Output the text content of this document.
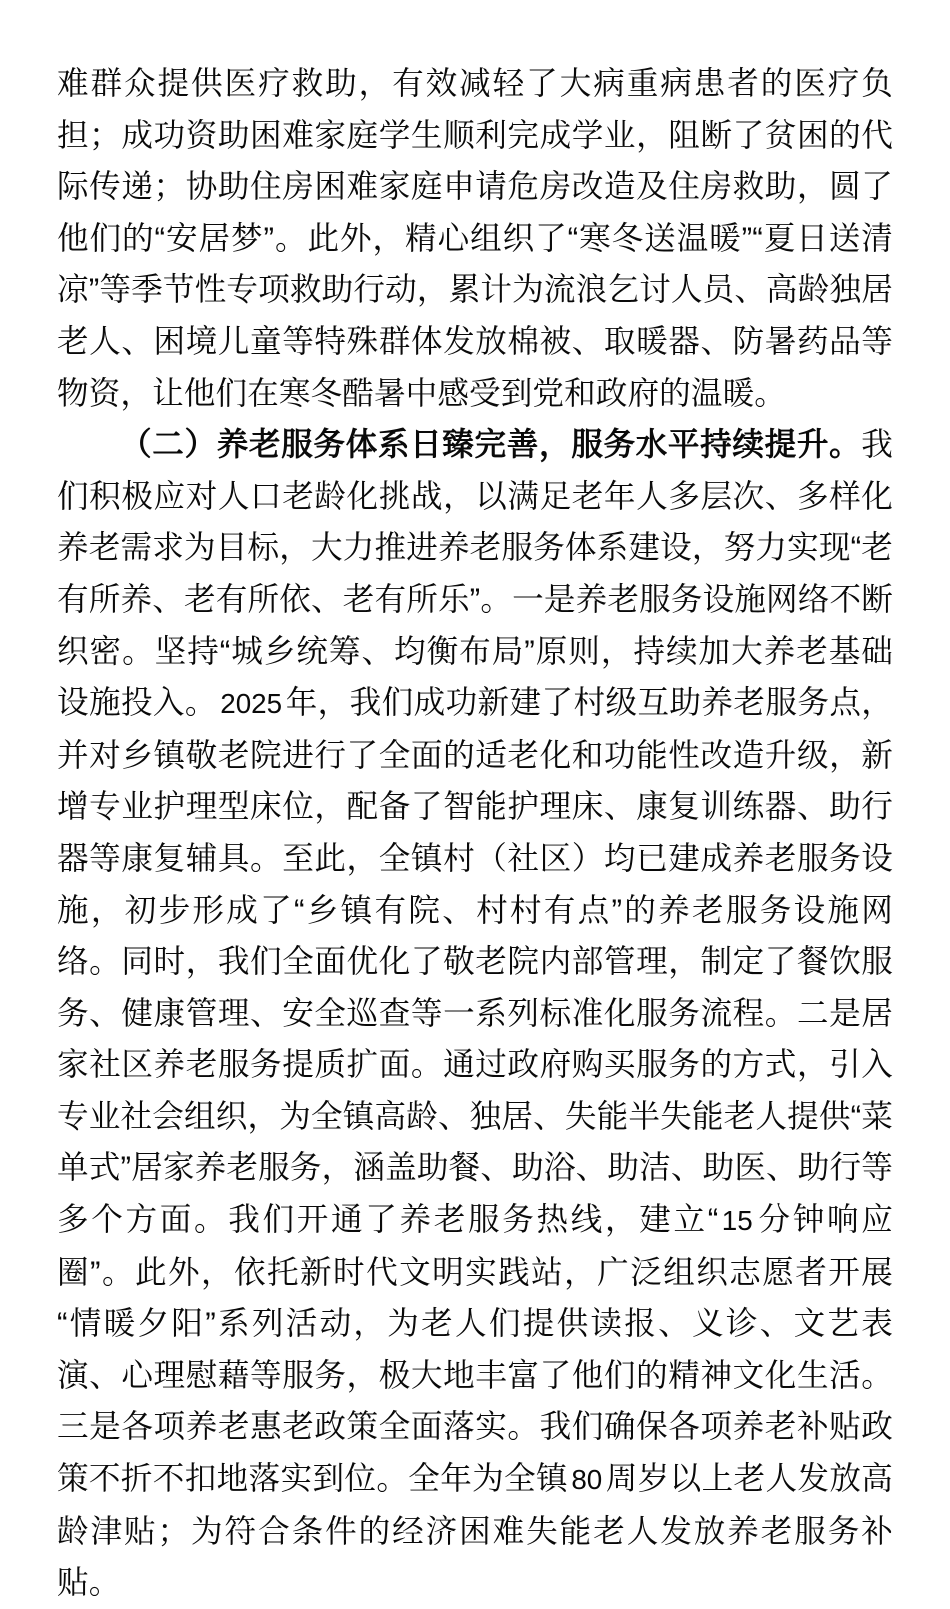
难群众提供医疗救助，有效减轻了大病重病患者的医疗负担；成功资助困难家庭学生顺利完成学业，阻断了贫困的代际传递；协助住房困难家庭申请危房改造及住房救助，圆了他们的“安居梦”。此外，精心组织了“寒冬送温暖”“夏日送清凉”等季节性专项救助行动，累计为流浪乞讨人员、高龄独居老人、困境儿童等特殊群体发放棉被、取暖器、防暑药品等物资，让他们在寒冬酷暑中感受到党和政府的温暖。

（二）养老服务体系日臻完善，服务水平持续提升。我们积极应对人口老龄化挑战，以满足老年人多层次、多样化养老需求为目标，大力推进养老服务体系建设，努力实现“老有所养、老有所依、老有所乐”。一是养老服务设施网络不断织密。坚持“城乡统筹、均衡布局”原则，持续加大养老基础设施投入。 2025 年，我们成功新建了村级互助养老服务点，并对乡镇敬老院进行了全面的适老化和功能性改造升级，新增专业护理型床位，配备了智能护理床、康复训练器、助行器等康复辅具。至此，全镇村（社区）均已建成养老服务设施，初步形成了“乡镇有院、村村有点”的养老服务设施网络。同时，我们全面优化了敬老院内部管理，制定了餐饮服务、健康管理、安全巡查等一系列标准化服务流程。二是居家社区养老服务提质扩面。通过政府购买服务的方式，引入专业社会组织，为全镇高龄、独居、失能半失能老人提供“菜单式”居家养老服务，涵盖助餐、助浴、助洁、助医、助行等多个方面。我们开通了养老服务热线，建立“ 15 分钟响应圈”。此外，依托新时代文明实践站，广泛组织志愿者开展“情暖夕阳”系列活动，为老人们提供读报、义诊、文艺表演、心理慰藉等服务，极大地丰富了他们的精神文化生活。三是各项养老惠老政策全面落实。我们确保各项养老补贴政策不折不扣地落实到位。全年为全镇 80 周岁以上老人发放高龄津贴；为符合条件的经济困难失能老人发放养老服务补贴。
